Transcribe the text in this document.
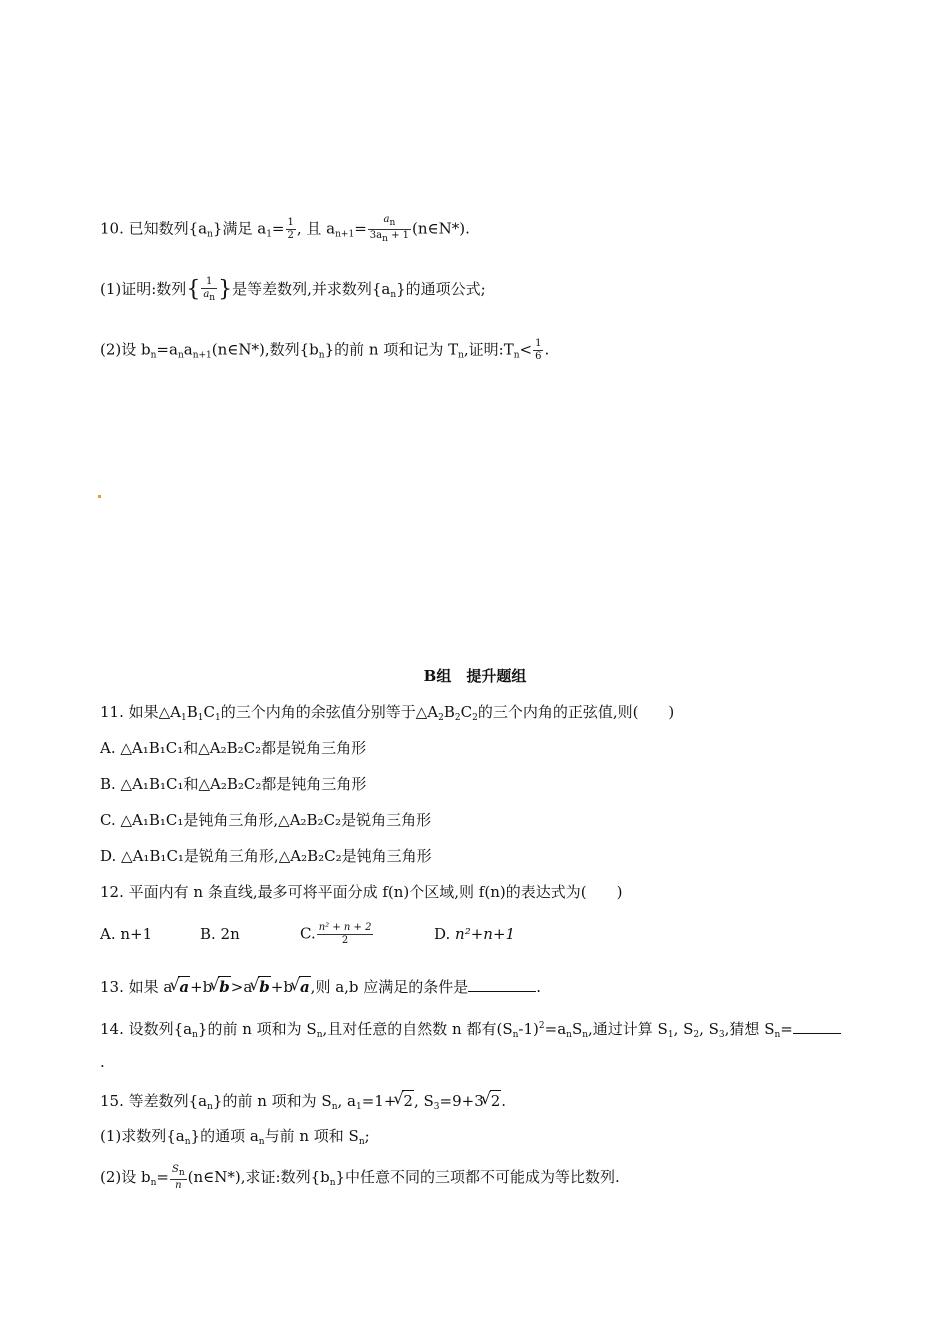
10. 已知数列$\{a_n\}$满足 $a_1= \frac{1}{2}$ , 且 $a_{n+1}= \frac{a_n}{3a_n + 1}$ (n∈N*).
(1)证明:数列{ $\frac{1}{a_n}$ }是等差数列,并求数列$\{a_n\}$的通项公式;
(2)设 $b_n=a_na_{n+1}(n\in N*)$,数列$\{b_n\}$的前 n 项和记为 $T_n$,证明$:T_n< \frac{1}{6}$ .
B组　提升题组
11. 如果$\triangle A_1B_1C_1$的三个内角的余弦值分别等于$\triangle A_2B_2C_2$的三个内角的正弦值,则(　　)
A. △A₁B₁C₁和△A₂B₂C₂都是锐角三角形
B. △A₁B₁C₁和△A₂B₂C₂都是钝角三角形
C. △A₁B₁C₁是钝角三角形,△A₂B₂C₂是锐角三角形
D. △A₁B₁C₁是锐角三角形,△A₂B₂C₂是钝角三角形
12. 平面内有 n 条直线,最多可将平面分成 f(n)个区域,则 f(n)的表达式为(　　)
A. n+1	B. 2n	C. $\frac{\text{n² + n + 2}}{2}$	D. n²+n+1
13. 如果 a√ a+b√ b>a√ b+b√ a,则 a,b 应满足的条件是	.
14. 设数列$\{a_n\}$的前 n 项和为 $S_n$,且对任意的自然数 n 都有$(S_n-1)^2=a_nS_n$,通过计算 $S_1$, $S_2$, $S_3$,猜想 $S_n=$
.
15. 等差数列$\{a_n\}$的前 n 项和为 $S_n$, $a_1=1+√$ 2, $S_3=9+3√$ 2.
(1)求数列$\{a_n\}$的通项 $a_n$与前 n 项和 $S_n$;
(2)设 $b_n= \frac{S_n}{n}$ (n∈N*),求证:数列$\{b_n\}$中任意不同的三项都不可能成为等比数列.
